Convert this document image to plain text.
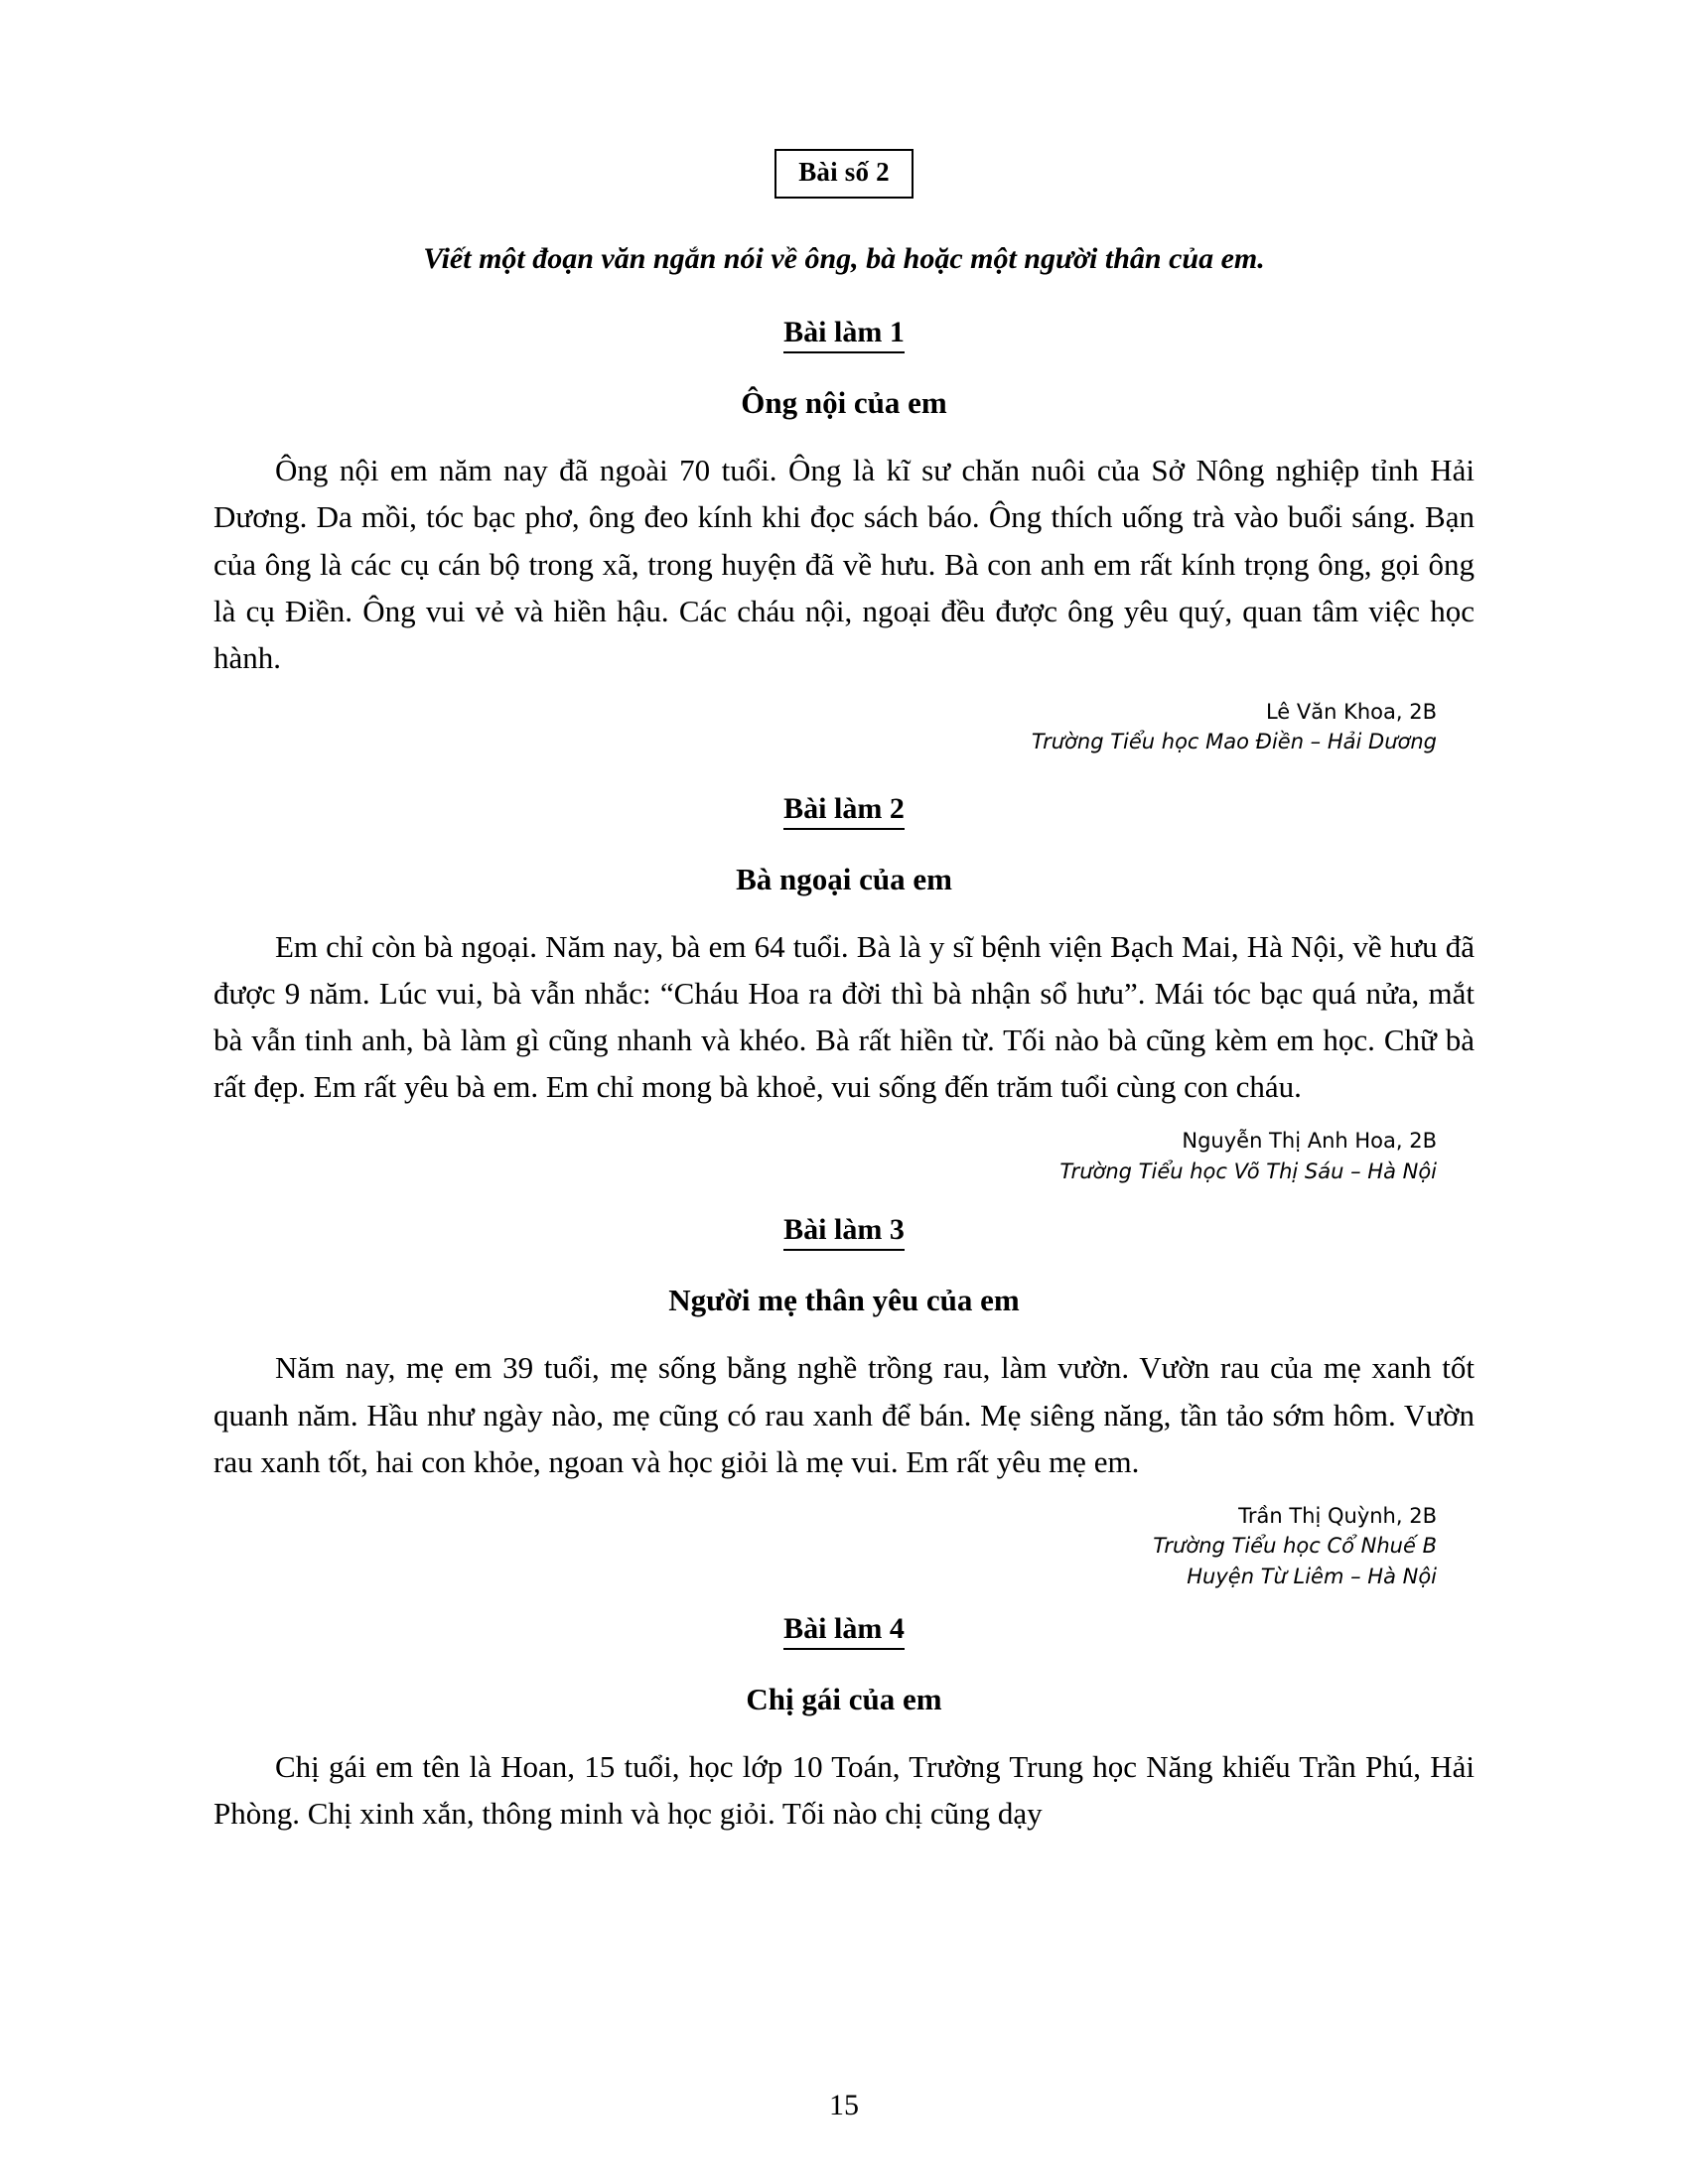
Bài số 2
Viết một đoạn văn ngắn nói về ông, bà hoặc một người thân của em.
Bài làm 1
Ông nội của em

Ông nội em năm nay đã ngoài 70 tuổi. Ông là kĩ sư chăn nuôi của Sở Nông nghiệp tỉnh Hải Dương. Da mồi, tóc bạc phơ, ông đeo kính khi đọc sách báo. Ông thích uống trà vào buổi sáng. Bạn của ông là các cụ cán bộ trong xã, trong huyện đã về hưu. Bà con anh em rất kính trọng ông, gọi ông là cụ Điền. Ông vui vẻ và hiền hậu. Các cháu nội, ngoại đều được ông yêu quý, quan tâm việc học hành.

Lê Văn Khoa, 2B
Trường Tiểu học Mao Điền – Hải Dương
Bài làm 2
Bà ngoại của em

Em chỉ còn bà ngoại. Năm nay, bà em 64 tuổi. Bà là y sĩ bệnh viện Bạch Mai, Hà Nội, về hưu đã được 9 năm. Lúc vui, bà vẫn nhắc: “Cháu Hoa ra đời thì bà nhận sổ hưu”. Mái tóc bạc quá nửa, mắt bà vẫn tinh anh, bà làm gì cũng nhanh và khéo. Bà rất hiền từ. Tối nào bà cũng kèm em học. Chữ bà rất đẹp. Em rất yêu bà em. Em chỉ mong bà khoẻ, vui sống đến trăm tuổi cùng con cháu.

Nguyễn Thị Anh Hoa, 2B
Trường Tiểu học Võ Thị Sáu – Hà Nội
Bài làm 3
Người mẹ thân yêu của em

Năm nay, mẹ em 39 tuổi, mẹ sống bằng nghề trồng rau, làm vườn. Vườn rau của mẹ xanh tốt quanh năm. Hầu như ngày nào, mẹ cũng có rau xanh để bán. Mẹ siêng năng, tần tảo sớm hôm. Vườn rau xanh tốt, hai con khỏe, ngoan và học giỏi là mẹ vui. Em rất yêu mẹ em.

Trần Thị Quỳnh, 2B
Trường Tiểu học Cổ Nhuế B
Huyện Từ Liêm – Hà Nội
Bài làm 4
Chị gái của em

Chị gái em tên là Hoan, 15 tuổi, học lớp 10 Toán, Trường Trung học Năng khiếu Trần Phú, Hải Phòng. Chị xinh xắn, thông minh và học giỏi. Tối nào chị cũng dạy

15
